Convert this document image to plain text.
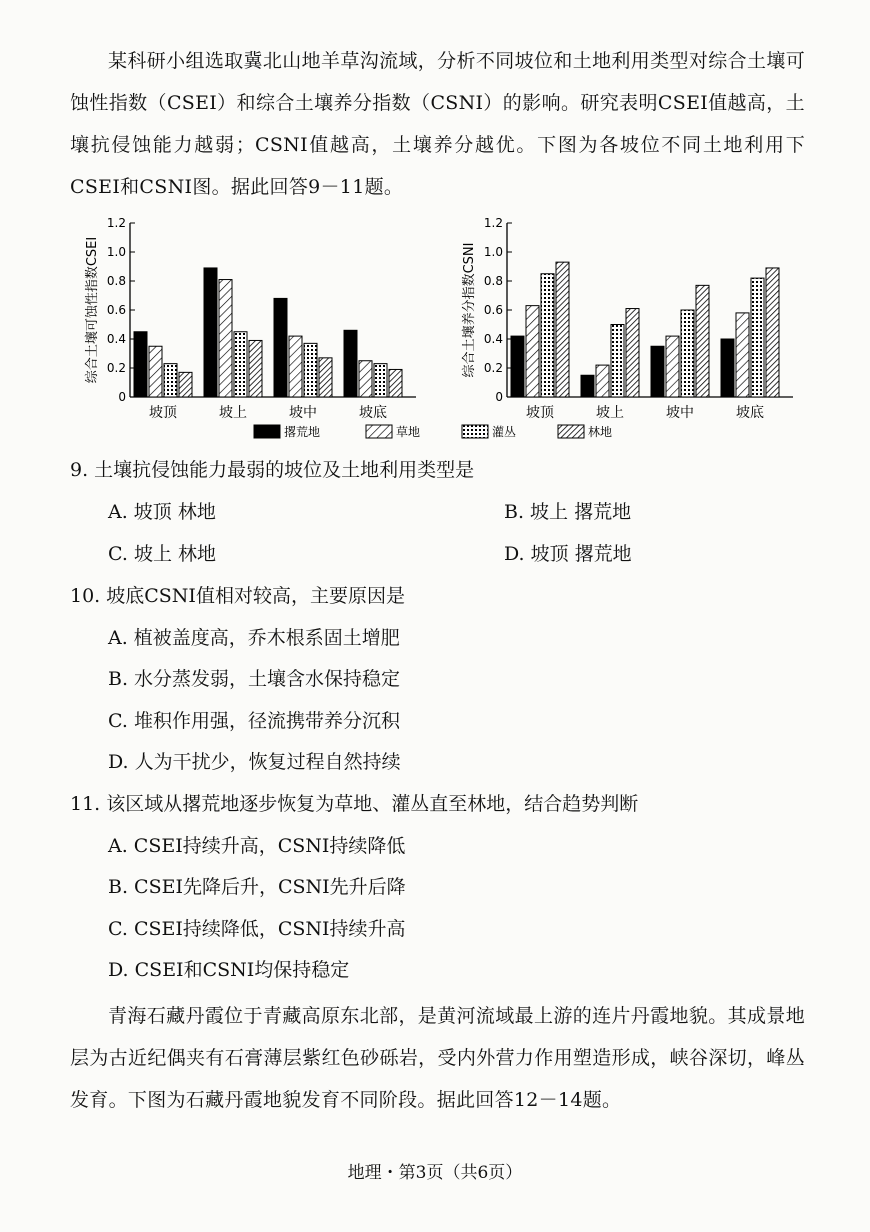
某科研小组选取冀北山地羊草沟流域，分析不同坡位和土地利用类型对综合土壤可蚀性指数（CSEI）和综合土壤养分指数（CSNI）的影响。研究表明CSEI值越高，土壤抗侵蚀能力越弱；CSNI值越高，土壤养分越优。下图为各坡位不同土地利用下CSEI和CSNI图。据此回答9－11题。
0
0.2
0.4
0.6
0.8
1.0
1.2
综合土壤可蚀性指数CSEI
坡顶	坡上	坡中	坡底
0
0.2
0.4
0.6
0.8
1.0
1.2
综合土壤养分指数CSNI
坡顶	坡上	坡中	坡底
撂荒地	草地	灌丛	林地
9. 土壤抗侵蚀能力最弱的坡位及土地利用类型是
A. 坡顶 林地	B. 坡上 撂荒地
C. 坡上 林地	D. 坡顶 撂荒地
10. 坡底CSNI值相对较高，主要原因是
A. 植被盖度高，乔木根系固土增肥
B. 水分蒸发弱，土壤含水保持稳定
C. 堆积作用强，径流携带养分沉积
D. 人为干扰少，恢复过程自然持续
11. 该区域从撂荒地逐步恢复为草地、灌丛直至林地，结合趋势判断
A. CSEI持续升高，CSNI持续降低
B. CSEI先降后升，CSNI先升后降
C. CSEI持续降低，CSNI持续升高
D. CSEI和CSNI均保持稳定
青海石藏丹霞位于青藏高原东北部，是黄河流域最上游的连片丹霞地貌。其成景地层为古近纪偶夹有石膏薄层紫红色砂砾岩，受内外营力作用塑造形成，峡谷深切，峰丛发育。下图为石藏丹霞地貌发育不同阶段。据此回答12－14题。
地理・第3页（共6页）
